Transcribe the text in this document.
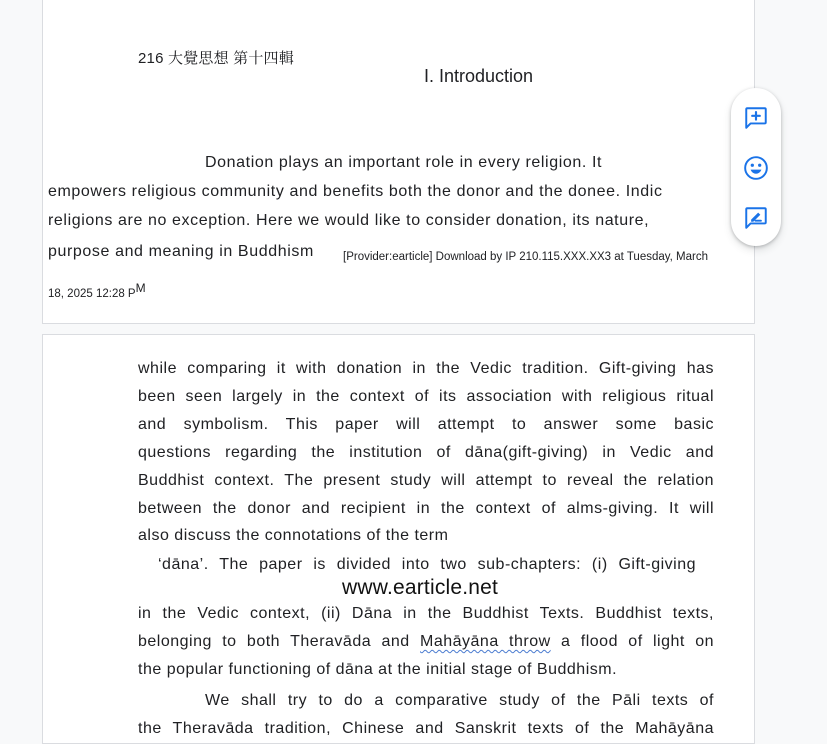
216 大覺思想 第十四輯
I. Introduction
Donation plays an important role in every religion. It
empowers religious community and benefits both the donor and the donee. Indic
religions are no exception. Here we would like to consider donation, its nature,
purpose and meaning in Buddhism	[Provider:earticle] Download by IP 210.115.XXX.XX3 at Tuesday, March
18, 2025 12:28 $P^M$
while comparing it with donation in the Vedic tradition. Gift-giving has
been seen largely in the context of its association with religious ritual
and symbolism. This paper will attempt to answer some basic
questions regarding the institution of dāna(gift-giving) in Vedic and
Buddhist context. The present study will attempt to reveal the relation
between the donor and recipient in the context of alms-giving. It will
also discuss the connotations of the term
‘dāna’. The paper is divided into two sub-chapters: (i) Gift-giving
www.earticle.net
in the Vedic context, (ii) Dāna in the Buddhist Texts. Buddhist texts,
belonging to both Theravāda and Mahāyāna throw a flood of light on
the popular functioning of dāna at the initial stage of Buddhism.
We shall try to do a comparative study of the Pāli texts of
the Theravāda tradition, Chinese and Sanskrit texts of the Mahāyāna
